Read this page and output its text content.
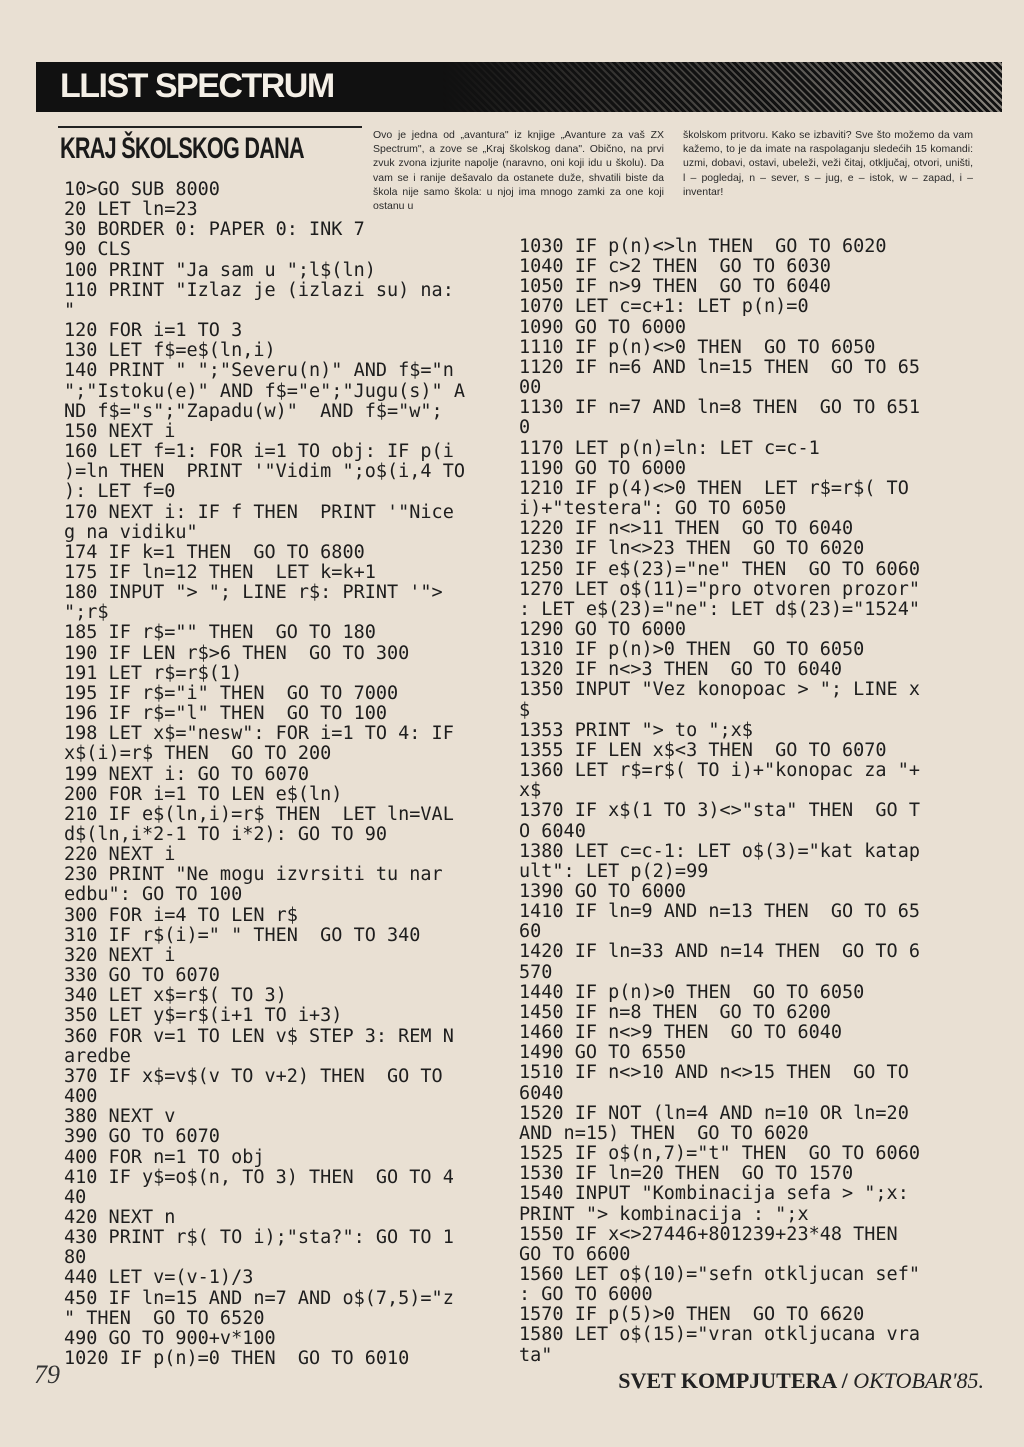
LLIST SPECTRUM
KRAJ ŠKOLSKOG DANA	Ovo je jedna od „avantura" iz knjige „Avanture za vaš ZX Spectrum", a zove se „Kraj školskog dana". Obično, na prvi zvuk zvona izjurite napolje (naravno, oni koji idu u školu). Da vam se i ranije dešavalo da ostanete duže, shvatili biste da škola nije samo škola: u njoj ima mnogo zamki za one koji ostanu u
školskom pritvoru. Kako se izbaviti? Sve što možemo da vam kažemo, to je da imate na raspolaganju sledećih 15 komandi: uzmi, dobavi, ostavi, ubeleži, veži čitaj, otključaj, otvori, uništi, l – pogledaj, n – sever, s – jug, e – istok, w – zapad, i – inventar!
10>GO SUB 8000
20 LET ln=23
30 BORDER 0: PAPER 0: INK 7
90 CLS
100 PRINT "Ja sam u ";l$(ln)
110 PRINT "Izlaz je (izlazi su) na:
"
120 FOR i=1 TO 3
130 LET f$=e$(ln,i)
140 PRINT " ";"Severu(n)" AND f$="n
";"Istoku(e)" AND f$="e";"Jugu(s)" A
ND f$="s";"Zapadu(w)"  AND f$="w";
150 NEXT i
160 LET f=1: FOR i=1 TO obj: IF p(i
)=ln THEN  PRINT '"Vidim ";o$(i,4 TO
): LET f=0
170 NEXT i: IF f THEN  PRINT '"Nice
g na vidiku"
174 IF k=1 THEN  GO TO 6800
175 IF ln=12 THEN  LET k=k+1
180 INPUT "> "; LINE r$: PRINT '">
";r$
185 IF r$="" THEN  GO TO 180
190 IF LEN r$>6 THEN  GO TO 300
191 LET r$=r$(1)
195 IF r$="i" THEN  GO TO 7000
196 IF r$="l" THEN  GO TO 100
198 LET x$="nesw": FOR i=1 TO 4: IF
x$(i)=r$ THEN  GO TO 200
199 NEXT i: GO TO 6070
200 FOR i=1 TO LEN e$(ln)
210 IF e$(ln,i)=r$ THEN  LET ln=VAL
d$(ln,i*2-1 TO i*2): GO TO 90
220 NEXT i
230 PRINT "Ne mogu izvrsiti tu nar
edbu": GO TO 100
300 FOR i=4 TO LEN r$
310 IF r$(i)=" " THEN  GO TO 340
320 NEXT i
330 GO TO 6070
340 LET x$=r$( TO 3)
350 LET y$=r$(i+1 TO i+3)
360 FOR v=1 TO LEN v$ STEP 3: REM N
aredbe
370 IF x$=v$(v TO v+2) THEN  GO TO
400
380 NEXT v
390 GO TO 6070
400 FOR n=1 TO obj
410 IF y$=o$(n, TO 3) THEN  GO TO 4
40
420 NEXT n
430 PRINT r$( TO i);"sta?": GO TO 1
80
440 LET v=(v-1)/3
450 IF ln=15 AND n=7 AND o$(7,5)="z
" THEN  GO TO 6520
490 GO TO 900+v*100
1020 IF p(n)=0 THEN  GO TO 6010
1030 IF p(n)<>ln THEN  GO TO 6020
1040 IF c>2 THEN  GO TO 6030
1050 IF n>9 THEN  GO TO 6040
1070 LET c=c+1: LET p(n)=0
1090 GO TO 6000
1110 IF p(n)<>0 THEN  GO TO 6050
1120 IF n=6 AND ln=15 THEN  GO TO 65
00
1130 IF n=7 AND ln=8 THEN  GO TO 651
0
1170 LET p(n)=ln: LET c=c-1
1190 GO TO 6000
1210 IF p(4)<>0 THEN  LET r$=r$( TO
i)+"testera": GO TO 6050
1220 IF n<>11 THEN  GO TO 6040
1230 IF ln<>23 THEN  GO TO 6020
1250 IF e$(23)="ne" THEN  GO TO 6060
1270 LET o$(11)="pro otvoren prozor"
: LET e$(23)="ne": LET d$(23)="1524"
1290 GO TO 6000
1310 IF p(n)>0 THEN  GO TO 6050
1320 IF n<>3 THEN  GO TO 6040
1350 INPUT "Vez konopoac > "; LINE x
$
1353 PRINT "> to ";x$
1355 IF LEN x$<3 THEN  GO TO 6070
1360 LET r$=r$( TO i)+"konopac za "+
x$
1370 IF x$(1 TO 3)<>"sta" THEN  GO T
O 6040
1380 LET c=c-1: LET o$(3)="kat katap
ult": LET p(2)=99
1390 GO TO 6000
1410 IF ln=9 AND n=13 THEN  GO TO 65
60
1420 IF ln=33 AND n=14 THEN  GO TO 6
570
1440 IF p(n)>0 THEN  GO TO 6050
1450 IF n=8 THEN  GO TO 6200
1460 IF n<>9 THEN  GO TO 6040
1490 GO TO 6550
1510 IF n<>10 AND n<>15 THEN  GO TO
6040
1520 IF NOT (ln=4 AND n=10 OR ln=20
AND n=15) THEN  GO TO 6020
1525 IF o$(n,7)="t" THEN  GO TO 6060
1530 IF ln=20 THEN  GO TO 1570
1540 INPUT "Kombinacija sefa > ";x:
PRINT "> kombinacija : ";x
1550 IF x<>27446+801239+23*48 THEN
GO TO 6600
1560 LET o$(10)="sefn otkljucan sef"
: GO TO 6000
1570 IF p(5)>0 THEN  GO TO 6620
1580 LET o$(15)="vran otkljucana vra
ta"
79	SVET KOMPJUTERA / OKTOBAR'85.
